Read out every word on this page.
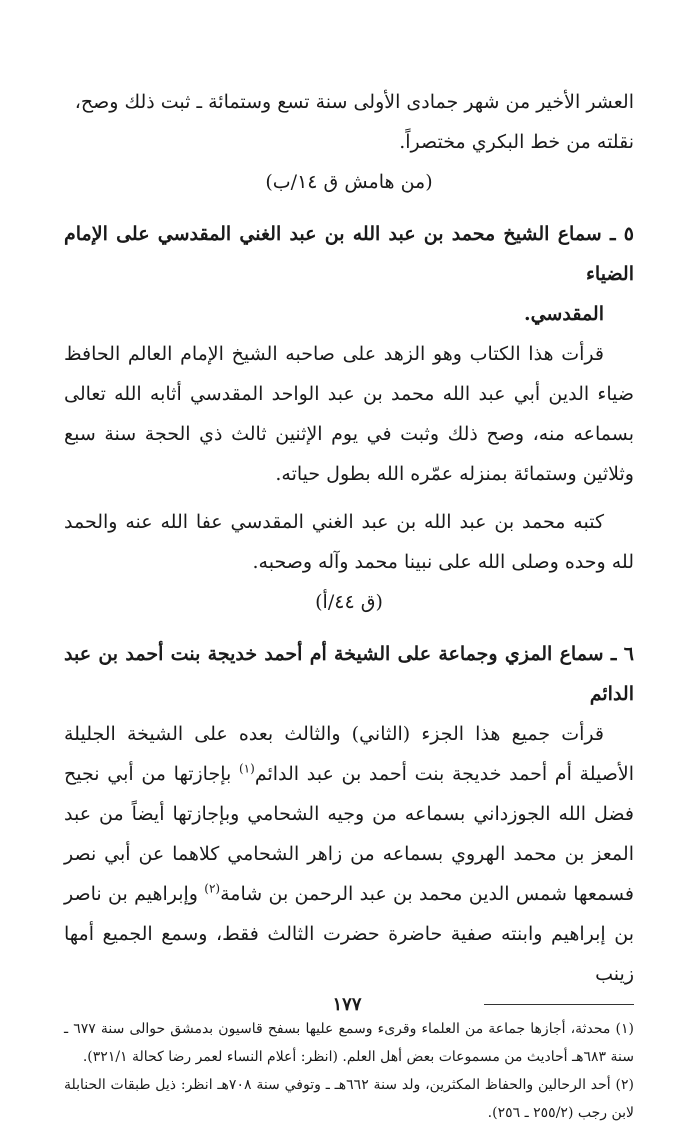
العشر الأخير من شهر جمادى الأولى سنة تسع وستمائة ـ ثبت ذلك وصح،
نقلته من خط البكري مختصراً.

(من هامش ق ١٤/ب)

٥ ـ سماع الشيخ محمد بن عبد الله بن عبد الغني المقدسي على الإمام الضياء
المقدسي.

قرأت هذا الكتاب وهو الزهد على صاحبه الشيخ الإمام العالم الحافظ ضياء الدين أبي عبد الله محمد بن عبد الواحد المقدسي أثابه الله تعالى بسماعه منه، وصح ذلك وثبت في يوم الإثنين ثالث ذي الحجة سنة سبع وثلاثين وستمائة بمنزله عمّره الله بطول حياته.

كتبه محمد بن عبد الله بن عبد الغني المقدسي عفا الله عنه والحمد لله وحده وصلى الله على نبينا محمد وآله وصحبه.

(ق ٤٤/أ)

٦ ـ سماع المزي وجماعة على الشيخة أم أحمد خديجة بنت أحمد بن عبد الدائم

قرأت جميع هذا الجزء (الثاني) والثالث بعده على الشيخة الجليلة الأصيلة أم أحمد خديجة بنت أحمد بن عبد الدائم$^{(١)}$ بإجازتها من أبي نجيح فضل الله الجوزداني بسماعه من وجيه الشحامي وبإجازتها أيضاً من عبد المعز بن محمد الهروي بسماعه من زاهر الشحامي كلاهما عن أبي نصر فسمعها شمس الدين محمد بن عبد الرحمن بن شامة$^{(٢)}$ وإبراهيم بن ناصر بن إبراهيم وابنته صفية حاضرة حضرت الثالث فقط، وسمع الجميع أمها زينب

(١) محدثة، أجازها جماعة من العلماء وقرىء وسمع عليها بسفح قاسيون بدمشق حوالى سنة ٦٧٧ ـ سنة ٦٨٣هـ أحاديث من مسموعات بعض أهل العلم. (انظر: أعلام النساء لعمر رضا كحالة ٣٢١/١).

(٢) أحد الرحالين والحفاظ المكثرين، ولد سنة ٦٦٢هـ ـ وتوفي سنة ٧٠٨هـ انظر: ذيل طبقات الحنابلة لابن رجب (٢٥٥/٢ ـ ٢٥٦).

١٧٧
